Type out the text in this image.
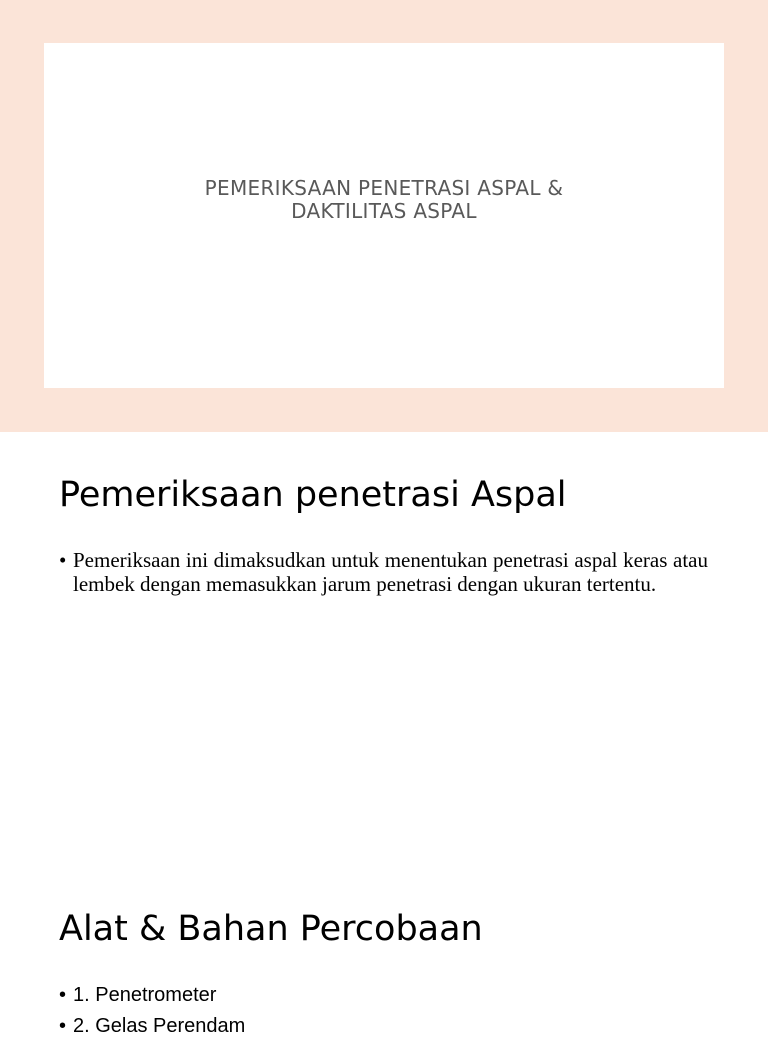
PEMERIKSAAN PENETRASI ASPAL &
DAKTILITAS ASPAL
Pemeriksaan penetrasi Aspal
• Pemeriksaan ini dimaksudkan untuk menentukan penetrasi aspal keras atau lembek dengan memasukkan jarum penetrasi dengan ukuran tertentu.
Alat & Bahan Percobaan
• 1. Penetrometer
• 2. Gelas Perendam
